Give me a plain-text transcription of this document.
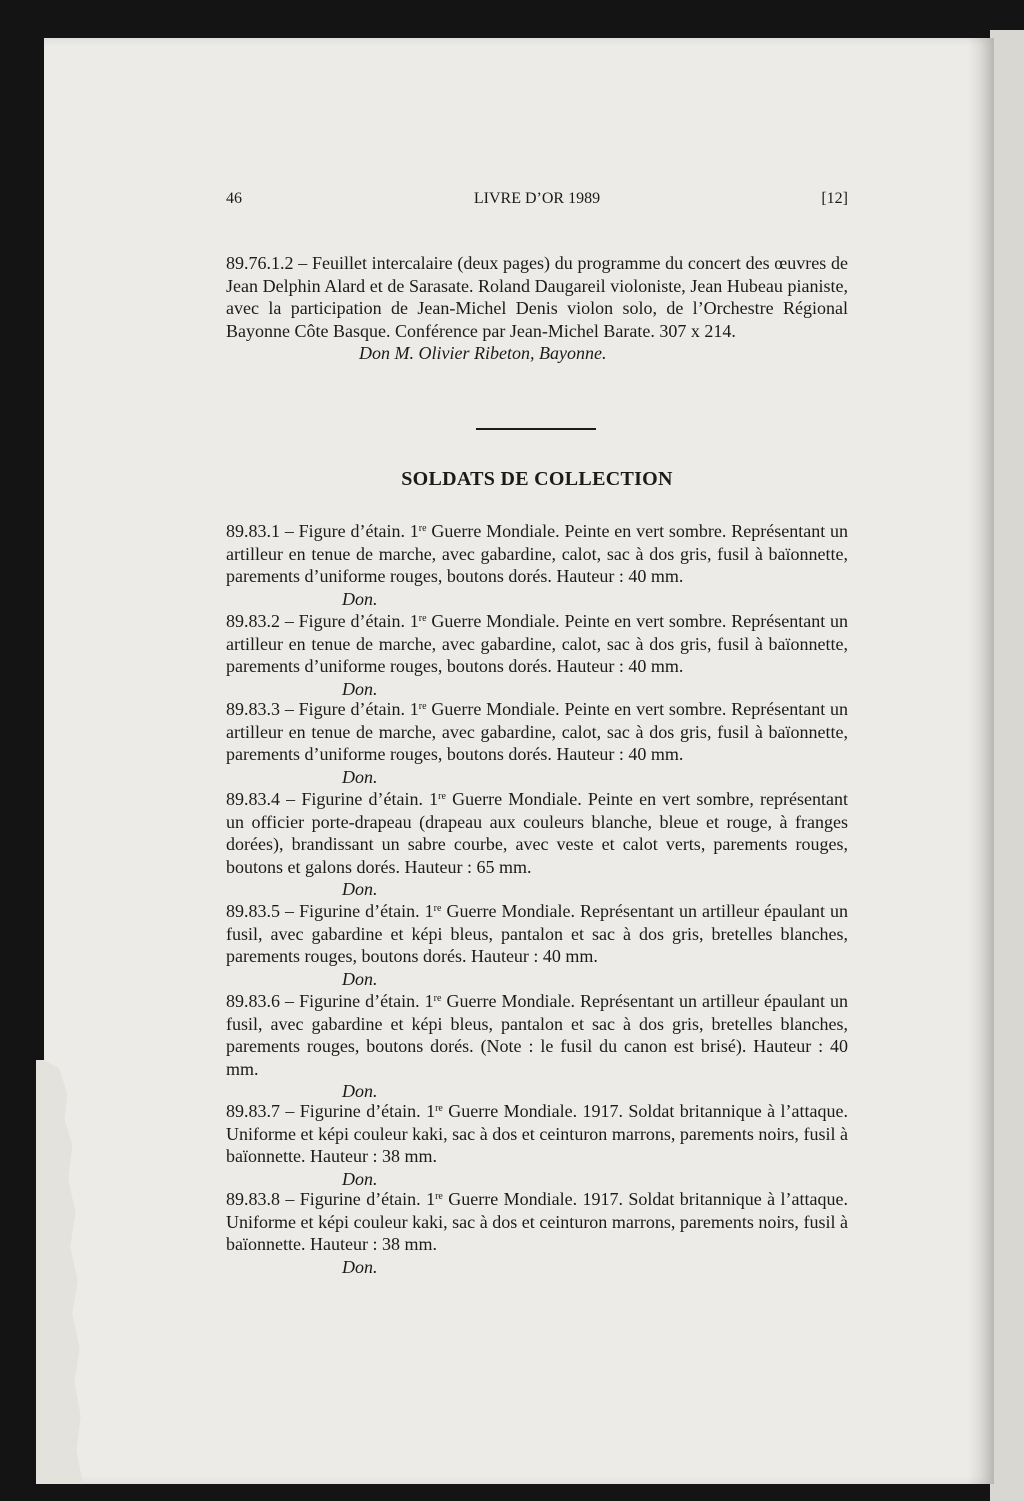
46	LIVRE D’OR 1989	[12]
89.76.1.2 – Feuillet intercalaire (deux pages) du programme du concert des œuvres de Jean Delphin Alard et de Sarasate. Roland Daugareil violoniste, Jean Hubeau pianiste, avec la participation de Jean-Michel Denis violon solo, de l’Orchestre Régional Bayonne Côte Basque. Conférence par Jean-Michel Barate. 307 x 214.
Don M. Olivier Ribeton, Bayonne.
SOLDATS DE COLLECTION
89.83.1 – Figure d’étain. 1re Guerre Mondiale. Peinte en vert sombre. Représentant un artilleur en tenue de marche, avec gabardine, calot, sac à dos gris, fusil à baïonnette, parements d’uniforme rouges, boutons dorés. Hauteur : 40 mm.
Don.
89.83.2 – Figure d’étain. 1re Guerre Mondiale. Peinte en vert sombre. Représentant un artilleur en tenue de marche, avec gabardine, calot, sac à dos gris, fusil à baïonnette, parements d’uniforme rouges, boutons dorés. Hauteur : 40 mm.
Don.
89.83.3 – Figure d’étain. 1re Guerre Mondiale. Peinte en vert sombre. Représentant un artilleur en tenue de marche, avec gabardine, calot, sac à dos gris, fusil à baïonnette, parements d’uniforme rouges, boutons dorés. Hauteur : 40 mm.
Don.
89.83.4 – Figurine d’étain. 1re Guerre Mondiale. Peinte en vert sombre, représentant un officier porte-drapeau (drapeau aux couleurs blanche, bleue et rouge, à franges dorées), brandissant un sabre courbe, avec veste et calot verts, parements rouges, boutons et galons dorés. Hauteur : 65 mm.
Don.
89.83.5 – Figurine d’étain. 1re Guerre Mondiale. Représentant un artilleur épaulant un fusil, avec gabardine et képi bleus, pantalon et sac à dos gris, bretelles blanches, parements rouges, boutons dorés. Hauteur : 40 mm.
Don.
89.83.6 – Figurine d’étain. 1re Guerre Mondiale. Représentant un artilleur épaulant un fusil, avec gabardine et képi bleus, pantalon et sac à dos gris, bretelles blanches, parements rouges, boutons dorés. (Note : le fusil du canon est brisé). Hauteur : 40 mm.
Don.
89.83.7 – Figurine d’étain. 1re Guerre Mondiale. 1917. Soldat britannique à l’attaque. Uniforme et képi couleur kaki, sac à dos et ceinturon marrons, parements noirs, fusil à baïonnette. Hauteur : 38 mm.
Don.
89.83.8 – Figurine d’étain. 1re Guerre Mondiale. 1917. Soldat britannique à l’attaque. Uniforme et képi couleur kaki, sac à dos et ceinturon marrons, parements noirs, fusil à baïonnette. Hauteur : 38 mm.
Don.
